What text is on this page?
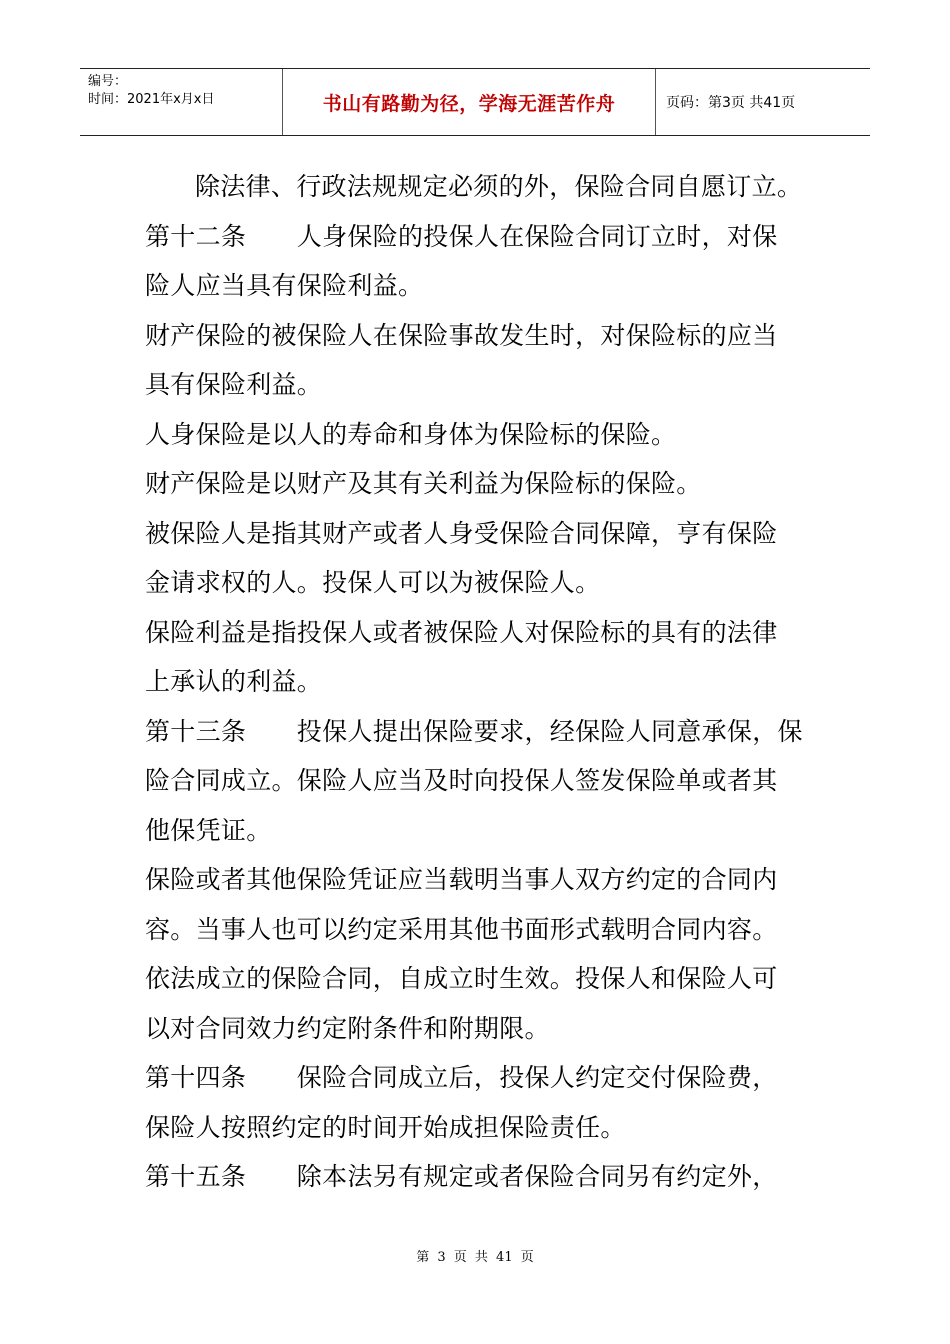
编号：
时间：2021年x月x日	书山有路勤为径，学海无涯苦作舟	页码：第3页 共41页
除法律、行政法规规定必须的外，保险合同自愿订立。
第十二条　　人身保险的投保人在保险合同订立时，对保
险人应当具有保险利益。
财产保险的被保险人在保险事故发生时，对保险标的应当
具有保险利益。
人身保险是以人的寿命和身体为保险标的保险。
财产保险是以财产及其有关利益为保险标的保险。
被保险人是指其财产或者人身受保险合同保障，亨有保险
金请求权的人。投保人可以为被保险人。
保险利益是指投保人或者被保险人对保险标的具有的法律
上承认的利益。
第十三条　　投保人提出保险要求，经保险人同意承保，保
险合同成立。保险人应当及时向投保人签发保险单或者其
他保凭证。
保险或者其他保险凭证应当载明当事人双方约定的合同内
容。当事人也可以约定采用其他书面形式载明合同内容。
依法成立的保险合同，自成立时生效。投保人和保险人可
以对合同效力约定附条件和附期限。
第十四条　　保险合同成立后，投保人约定交付保险费，
保险人按照约定的时间开始成担保险责任。
第十五条　　除本法另有规定或者保险合同另有约定外，
第 3 页 共 41 页
